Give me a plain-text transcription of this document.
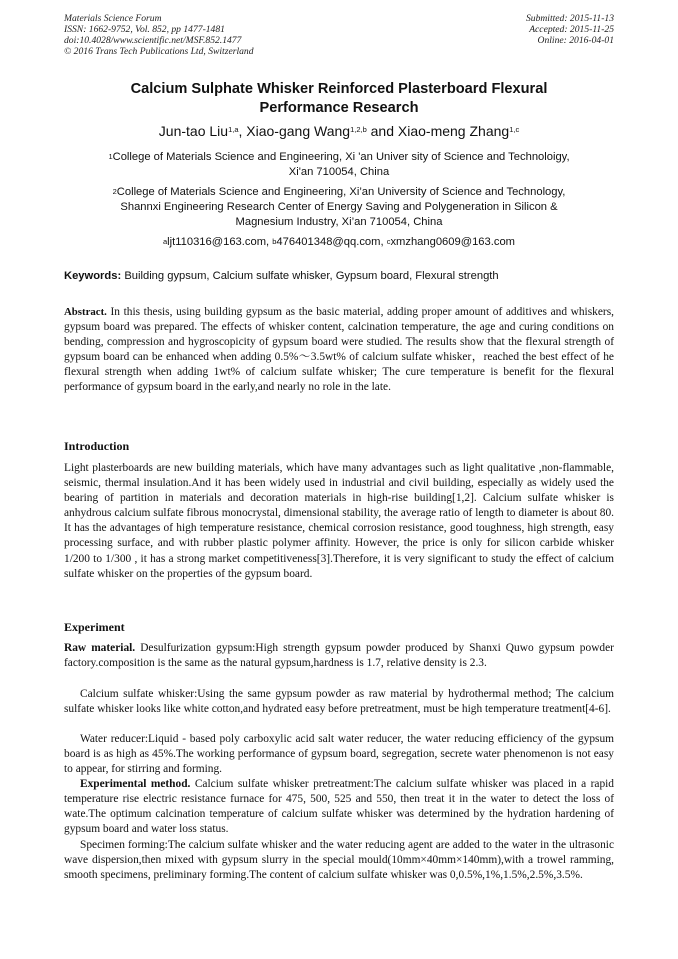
Materials Science Forum
ISSN: 1662-9752, Vol. 852, pp 1477-1481
doi:10.4028/www.scientific.net/MSF.852.1477
© 2016 Trans Tech Publications Ltd, Switzerland
Submitted: 2015-11-13
Accepted: 2015-11-25
Online: 2016-04-01
Calcium Sulphate Whisker Reinforced Plasterboard Flexural Performance Research
Jun-tao Liu$^{1,a}$, Xiao-gang Wang$^{1,2,b}$ and Xiao-meng Zhang$^{1,c}$
$^1$College of Materials Science and Engineering, Xi 'an Univer sity of Science and Technoloigy,
Xi'an 710054, China
$^2$College of Materials Science and Engineering, Xi’an University of Science and Technology,
Shannxi Engineering Research Center of Energy Saving and Polygeneration in Silicon &
Magnesium Industry, Xi’an 710054, China
$^a$ljt110316@163.com, $^b$476401348@qq.com, $^c$xmzhang0609@163.com
Keywords: Building gypsum, Calcium sulfate whisker, Gypsum board, Flexural strength
Abstract. In this thesis, using building gypsum as the basic material, adding proper amount of additives and whiskers, gypsum board was prepared. The effects of whisker content, calcination temperature, the age and curing conditions on bending, compression and hygroscopicity of gypsum board were studied. The results show that the flexural strength of gypsum board can be enhanced when adding 0.5%～3.5wt% of calcium sulfate whisker，reached the best effect of he flexural strength when adding 1wt% of calcium sulfate whisker; The cure temperature is benefit for the flexural performance of gypsum board in the early,and nearly no role in the late.
Introduction
Light plasterboards are new building materials, which have many advantages such as light qualitative ,non-flammable, seismic, thermal insulation.And it has been widely used in industrial and civil building, especially as widely used the bearing of partition in materials and decoration materials in high-rise building[1,2]. Calcium sulfate whisker is anhydrous calcium sulfate fibrous monocrystal, dimensional stability, the average ratio of length to diameter is about 80. It has the advantages of high temperature resistance, chemical corrosion resistance, good toughness, high strength, easy processing surface, and with rubber plastic polymer affinity. However, the price is only for silicon carbide whisker 1/200 to 1/300 , it has a strong market competitiveness[3].Therefore, it is very significant to study the effect of calcium sulfate whisker on the properties of the gypsum board.
Experiment
Raw material. Desulfurization gypsum:High strength gypsum powder produced by Shanxi Quwo gypsum powder factory.composition is the same as the natural gypsum,hardness is 1.7, relative density is 2.3.
Calcium sulfate whisker:Using the same gypsum powder as raw material by hydrothermal method; The calcium sulfate whisker looks like white cotton,and hydrated easy before pretreatment, must be high temperature treatment[4-6].
Water reducer:Liquid - based poly carboxylic acid salt water reducer, the water reducing efficiency of the gypsum board is as high as 45%.The working performance of gypsum board, segregation, secrete water phenomenon is not easy to appear, for stirring and forming.
Experimental method. Calcium sulfate whisker pretreatment:The calcium sulfate whisker was placed in a rapid temperature rise electric resistance furnace for 475, 500, 525 and 550, then treat it in the water to detect the loss of wate.The optimum calcination temperature of calcium sulfate whisker was determined by the hydration hardening of gypsum board and water loss status.
Specimen forming:The calcium sulfate whisker and the water reducing agent are added to the water in the ultrasonic wave dispersion,then mixed with gypsum slurry in the special mould(10mm×40mm×140mm),with a trowel ramming, smooth specimens, preliminary forming.The content of calcium sulfate whisker was 0,0.5%,1%,1.5%,2.5%,3.5%.
